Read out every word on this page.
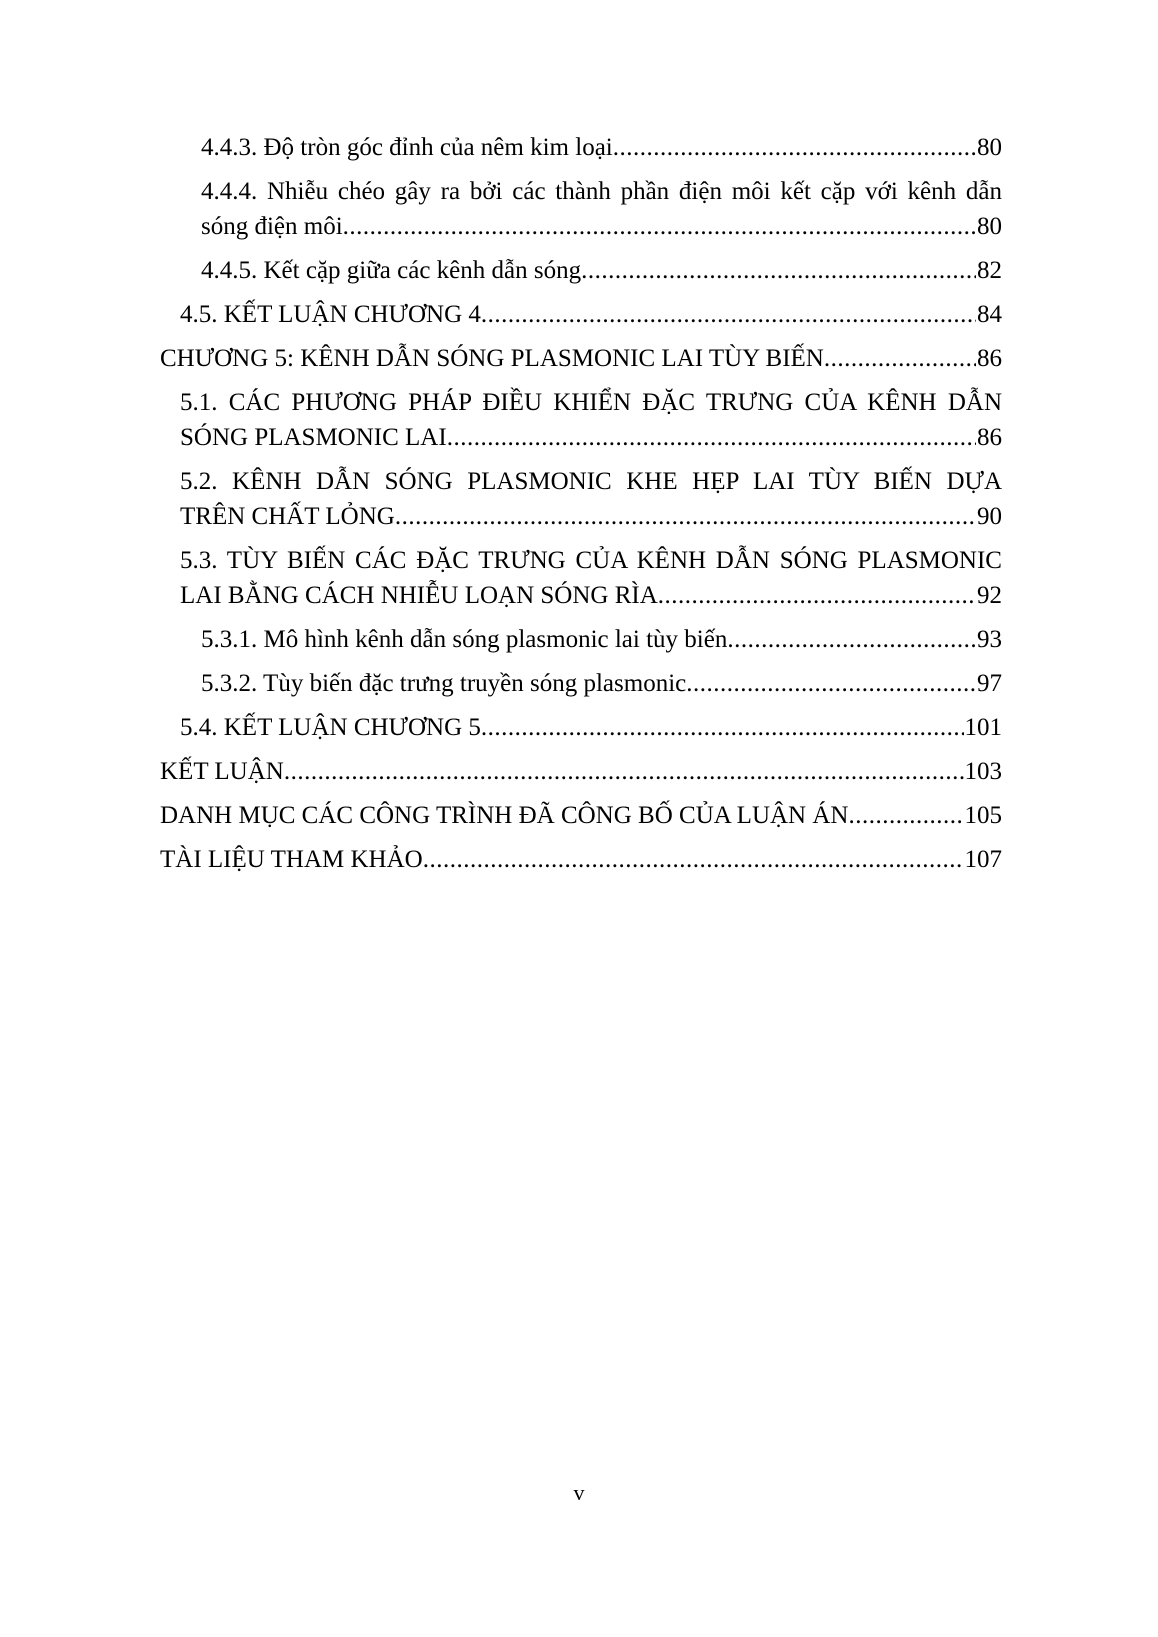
4.4.3. Độ tròn góc đỉnh của nêm kim loại .....	80
4.4.4. Nhiễu chéo gây ra bởi các thành phần điện môi kết cặp với kênh dẫn
sóng điện môi .....	80
4.4.5. Kết cặp giữa các kênh dẫn sóng .....	82
4.5. KẾT LUẬN CHƯƠNG 4 .....	84
CHƯƠNG 5: KÊNH DẪN SÓNG PLASMONIC LAI TÙY BIẾN .....	86
5.1. CÁC PHƯƠNG PHÁP ĐIỀU KHIỂN ĐẶC TRƯNG CỦA KÊNH DẪN
SÓNG PLASMONIC LAI .....	86
5.2. KÊNH DẪN SÓNG PLASMONIC KHE HẸP LAI TÙY BIẾN DỰA
TRÊN CHẤT LỎNG .....	90
5.3. TÙY BIẾN CÁC ĐẶC TRƯNG CỦA KÊNH DẪN SÓNG PLASMONIC
LAI BẰNG CÁCH NHIỄU LOẠN SÓNG RÌA .....	92
5.3.1. Mô hình kênh dẫn sóng plasmonic lai tùy biến .....	93
5.3.2. Tùy biến đặc trưng truyền sóng plasmonic .....	97
5.4. KẾT LUẬN CHƯƠNG 5 .....	101
KẾT LUẬN .....	103
DANH MỤC CÁC CÔNG TRÌNH ĐÃ CÔNG BỐ CỦA LUẬN ÁN .....	105
TÀI LIỆU THAM KHẢO .....	107
v
